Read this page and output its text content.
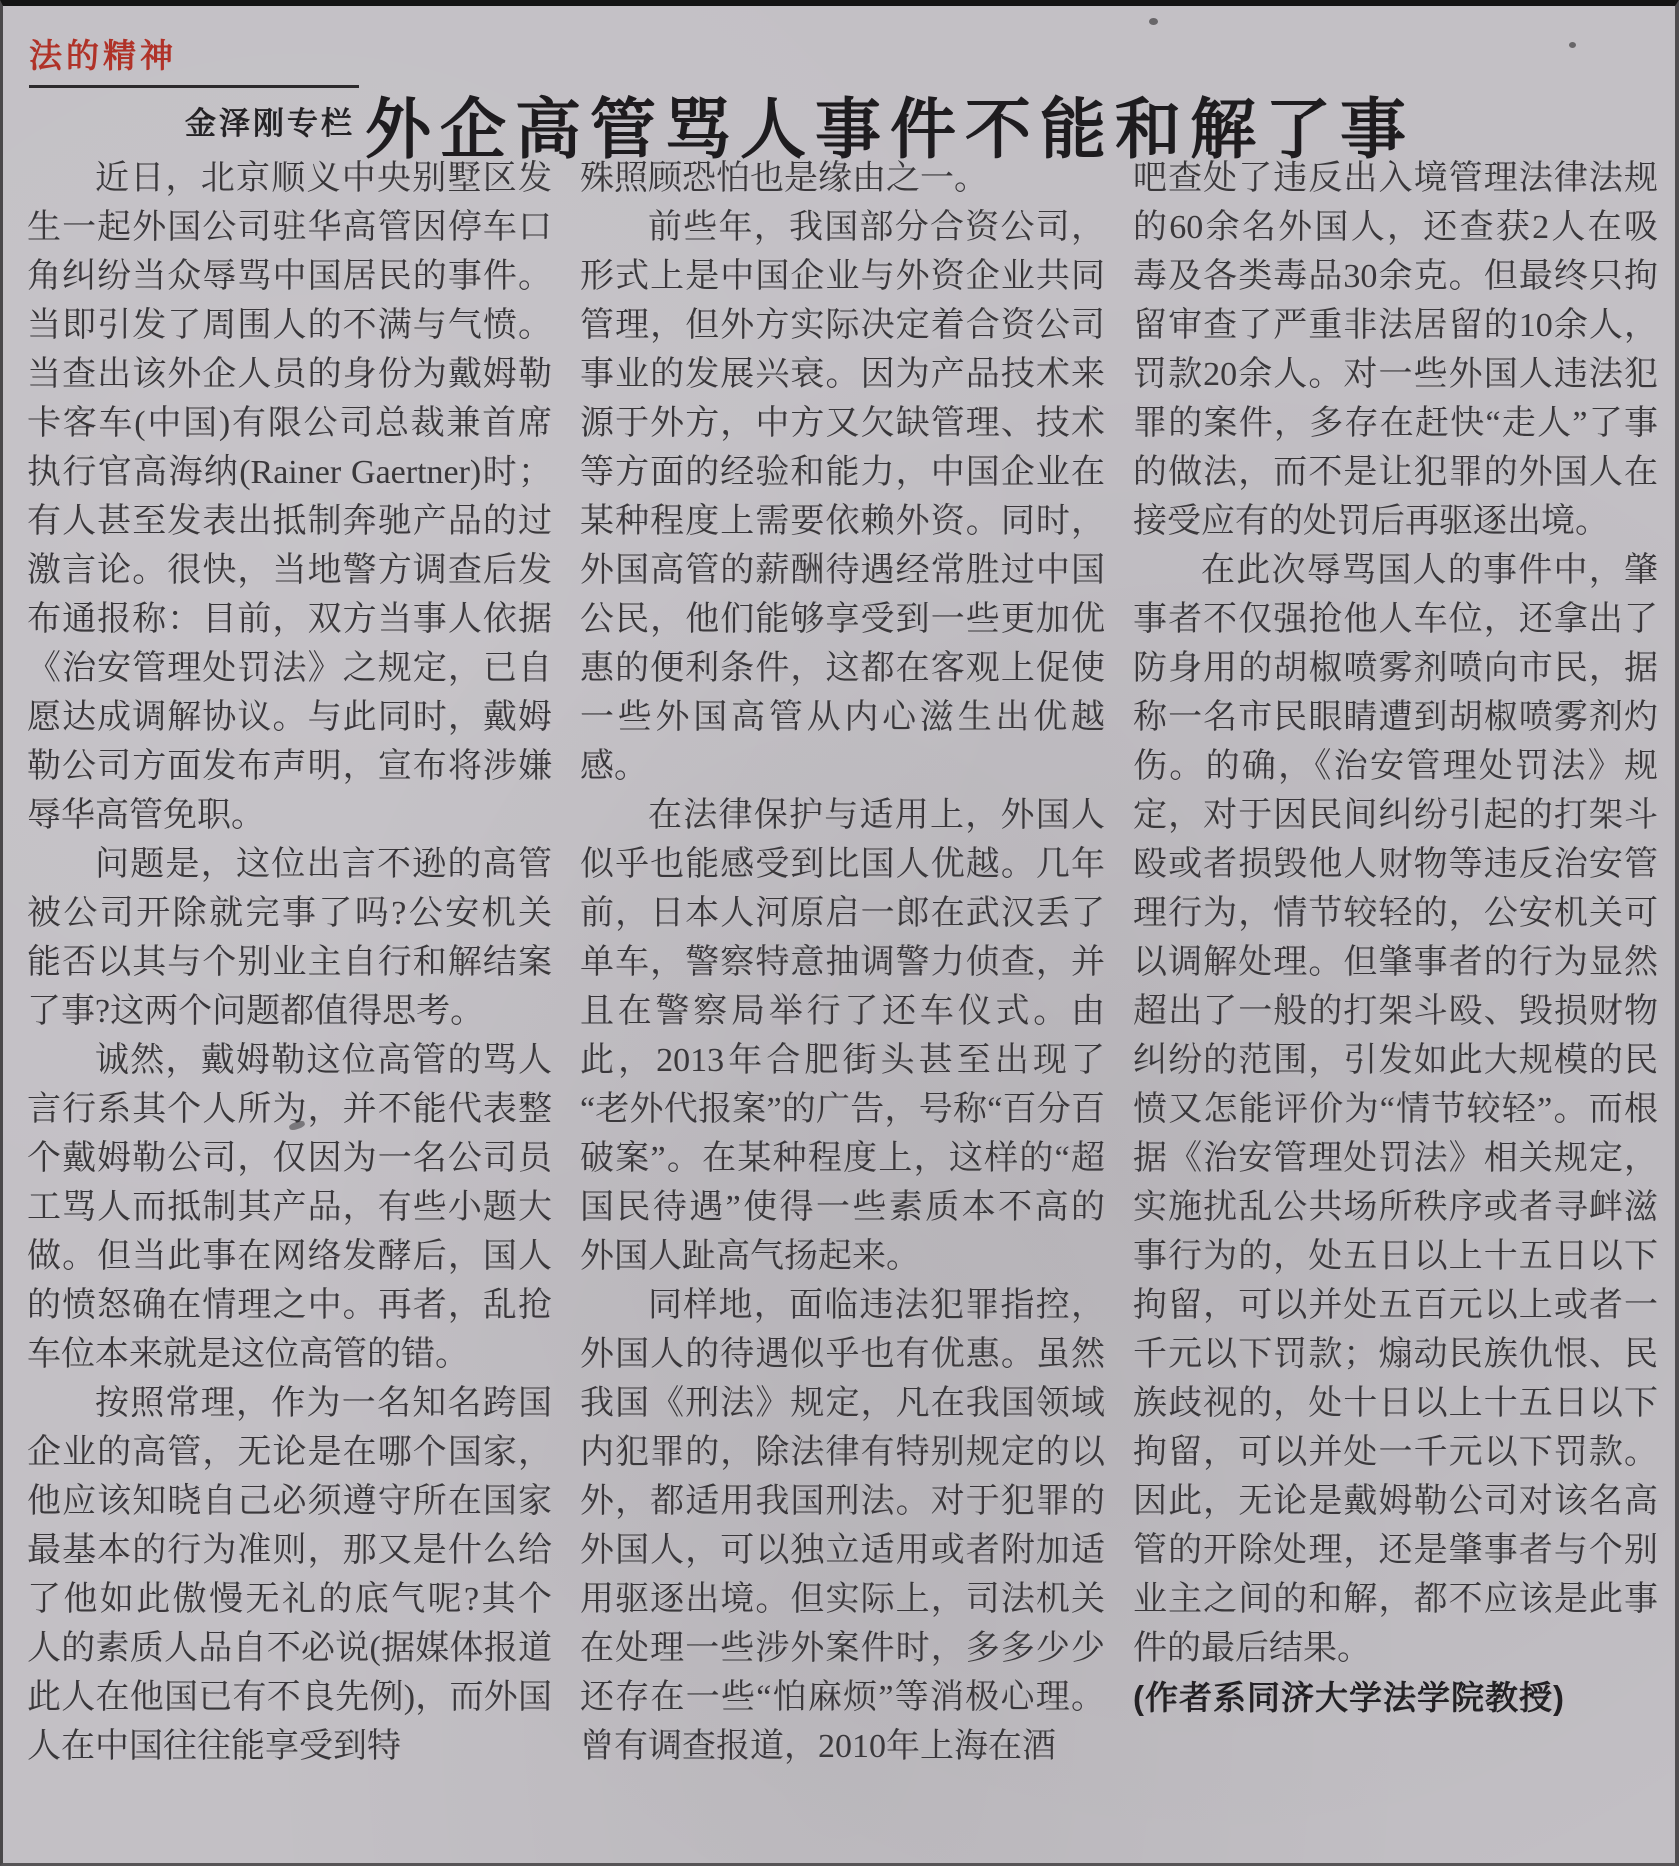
法的精神
金泽刚专栏 外企高管骂人事件不能和解了事

近日，北京顺义中央别墅区发生一起外国公司驻华高管因停车口角纠纷当众辱骂中国居民的事件。当即引发了周围人的不满与气愤。当查出该外企人员的身份为戴姆勒卡客车(中国)有限公司总裁兼首席执行官高海纳(Rainer Gaertner)时；有人甚至发表出抵制奔驰产品的过激言论。很快，当地警方调查后发布通报称：目前，双方当事人依据《治安管理处罚法》之规定，已自愿达成调解协议。与此同时，戴姆勒公司方面发布声明，宣布将涉嫌辱华高管免职。

问题是，这位出言不逊的高管被公司开除就完事了吗?公安机关能否以其与个别业主自行和解结案了事?这两个问题都值得思考。

诚然，戴姆勒这位高管的骂人言行系其个人所为，并不能代表整个戴姆勒公司，仅因为一名公司员工骂人而抵制其产品，有些小题大做。但当此事在网络发酵后，国人的愤怒确在情理之中。再者，乱抢车位本来就是这位高管的错。

按照常理，作为一名知名跨国企业的高管，无论是在哪个国家，他应该知晓自己必须遵守所在国家最基本的行为准则，那又是什么给了他如此傲慢无礼的底气呢?其个人的素质人品自不必说(据媒体报道此人在他国已有不良先例)，而外国人在中国往往能享受到特

殊照顾恐怕也是缘由之一。

前些年，我国部分合资公司，形式上是中国企业与外资企业共同管理，但外方实际决定着合资公司事业的发展兴衰。因为产品技术来源于外方，中方又欠缺管理、技术等方面的经验和能力，中国企业在某种程度上需要依赖外资。同时，外国高管的薪酬待遇经常胜过中国公民，他们能够享受到一些更加优惠的便利条件，这都在客观上促使一些外国高管从内心滋生出优越感。

在法律保护与适用上，外国人似乎也能感受到比国人优越。几年前，日本人河原启一郎在武汉丢了单车，警察特意抽调警力侦查，并且在警察局举行了还车仪式。由此，2013年合肥街头甚至出现了“老外代报案”的广告，号称“百分百破案”。在某种程度上，这样的“超国民待遇”使得一些素质本不高的外国人趾高气扬起来。

同样地，面临违法犯罪指控，外国人的待遇似乎也有优惠。虽然我国《刑法》规定，凡在我国领域内犯罪的，除法律有特别规定的以外，都适用我国刑法。对于犯罪的外国人，可以独立适用或者附加适用驱逐出境。但实际上，司法机关在处理一些涉外案件时，多多少少还存在一些“怕麻烦”等消极心理。曾有调查报道，2010年上海在酒

吧查处了违反出入境管理法律法规的60余名外国人，还查获2人在吸毒及各类毒品30余克。但最终只拘留审查了严重非法居留的10余人，罚款20余人。对一些外国人违法犯罪的案件，多存在赶快“走人”了事的做法，而不是让犯罪的外国人在接受应有的处罚后再驱逐出境。

在此次辱骂国人的事件中，肇事者不仅强抢他人车位，还拿出了防身用的胡椒喷雾剂喷向市民，据称一名市民眼睛遭到胡椒喷雾剂灼伤。的确，《治安管理处罚法》规定，对于因民间纠纷引起的打架斗殴或者损毁他人财物等违反治安管理行为，情节较轻的，公安机关可以调解处理。但肇事者的行为显然超出了一般的打架斗殴、毁损财物纠纷的范围，引发如此大规模的民愤又怎能评价为“情节较轻”。而根据《治安管理处罚法》相关规定，实施扰乱公共场所秩序或者寻衅滋事行为的，处五日以上十五日以下拘留，可以并处五百元以上或者一千元以下罚款；煽动民族仇恨、民族歧视的，处十日以上十五日以下拘留，可以并处一千元以下罚款。因此，无论是戴姆勒公司对该名高管的开除处理，还是肇事者与个别业主之间的和解，都不应该是此事件的最后结果。

(作者系同济大学法学院教授)
